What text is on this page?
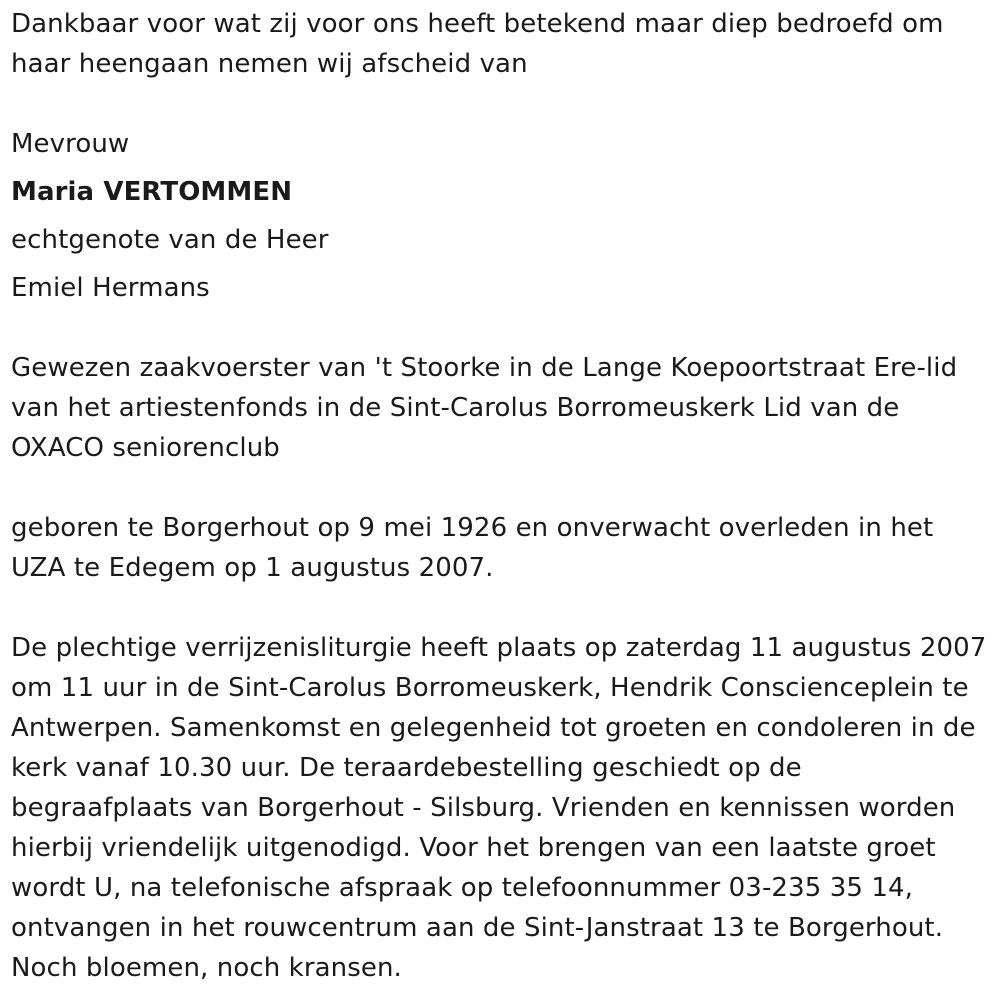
Dankbaar voor wat zij voor ons heeft betekend maar diep bedroefd om haar heengaan nemen wij afscheid van

Mevrouw

Maria VERTOMMEN

echtgenote van de Heer

Emiel Hermans

Gewezen zaakvoerster van 't Stoorke in de Lange Koepoortstraat Ere-lid van het artiestenfonds in de Sint-Carolus Borromeuskerk Lid van de OXACO seniorenclub

geboren te Borgerhout op 9 mei 1926 en onverwacht overleden in het UZA te Edegem op 1 augustus 2007.

De plechtige verrijzenisliturgie heeft plaats op zaterdag 11 augustus 2007 om 11 uur in de Sint-Carolus Borromeuskerk, Hendrik Conscienceplein te Antwerpen. Samenkomst en gelegenheid tot groeten en condoleren in de kerk vanaf 10.30 uur. De teraardebestelling geschiedt op de begraafplaats van Borgerhout - Silsburg. Vrienden en kennissen worden hierbij vriendelijk uitgenodigd. Voor het brengen van een laatste groet wordt U, na telefonische afspraak op telefoonnummer 03-235 35 14, ontvangen in het rouwcentrum aan de Sint-Janstraat 13 te Borgerhout. Noch bloemen, noch kransen.
